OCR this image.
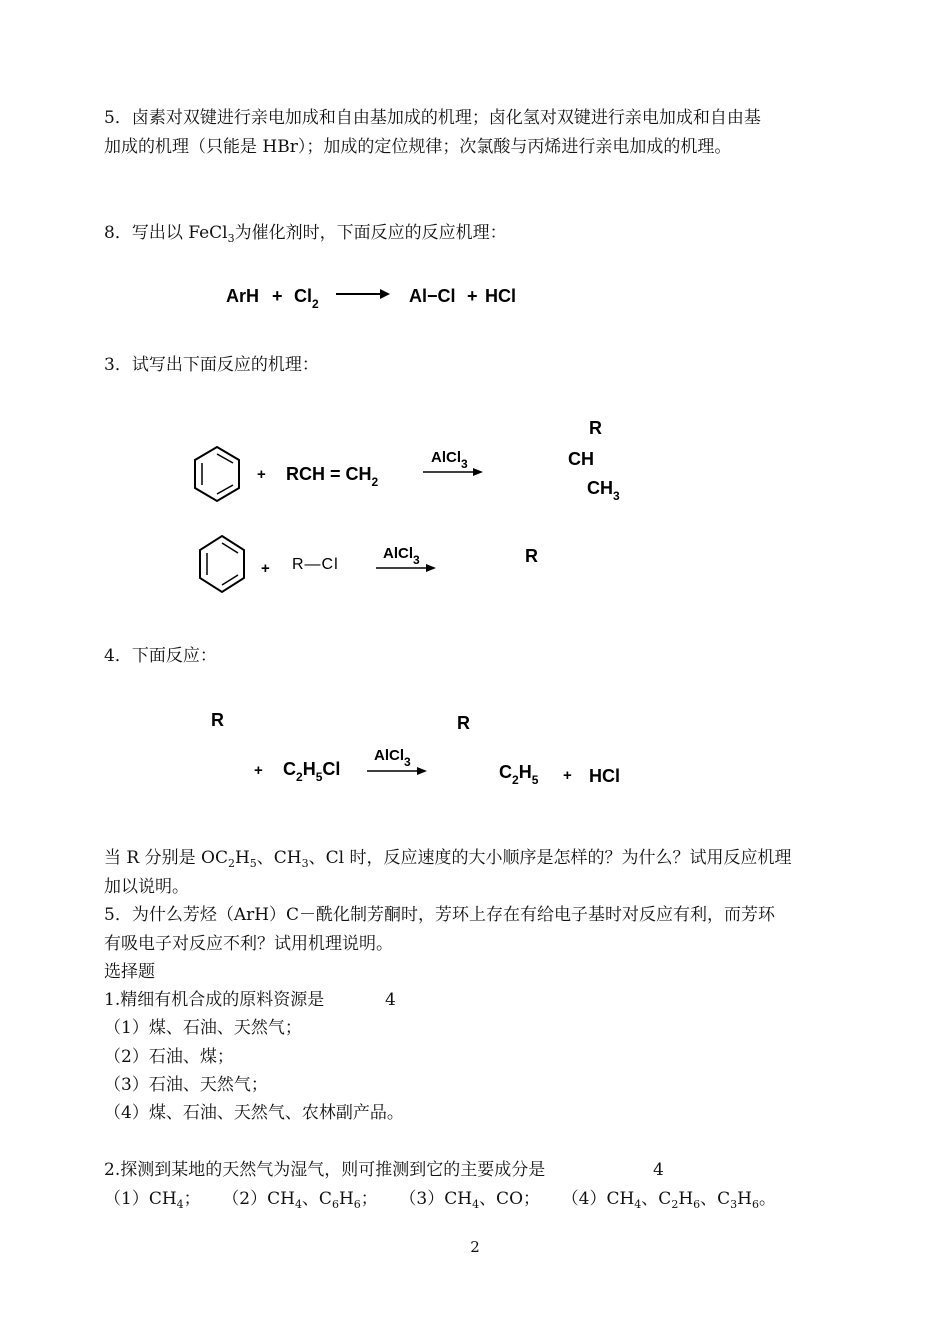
5．卤素对双键进行亲电加成和自由基加成的机理；卤化氢对双键进行亲电加成和自由基
加成的机理（只能是 HBr）；加成的定位规律；次氯酸与丙烯进行亲电加成的机理。
8．写出以 FeCl$_3$为催化剂时，下面反应的反应机理：
ArH + $Cl_2$	Al−Cl + HCl
3．试写出下面反应的机理：
+ RCH = $CH_2$
AlCl$_3$
R
CH
$CH_3$
+ R—Cl
AlCl$_3$	R
4．下面反应：
R
+ $C_2H_5Cl$
AlCl$_3$
R
$C_2H_5$ + HCl
当 R 分别是 $OC_2H_5$、$CH_3$、Cl 时，反应速度的大小顺序是怎样的？为什么？试用反应机理
加以说明。
5．为什么芳烃（ArH）C－酰化制芳酮时，芳环上存在有给电子基时对反应有利，而芳环
有吸电子对反应不利？试用机理说明。
选择题
1.精细有机合成的原料资源是	4
（1）煤、石油、天然气；
（2）石油、煤；
（3）石油、天然气；
（4）煤、石油、天然气、农林副产品。
2.探测到某地的天然气为湿气，则可推测到它的主要成分是	4
$(1)CH_4$； $(2)CH_4$、$C_6H_6$； $(3)CH_4$、CO； $(4)CH_4$、$C_2H_6$、$C_3H_6$。
2
